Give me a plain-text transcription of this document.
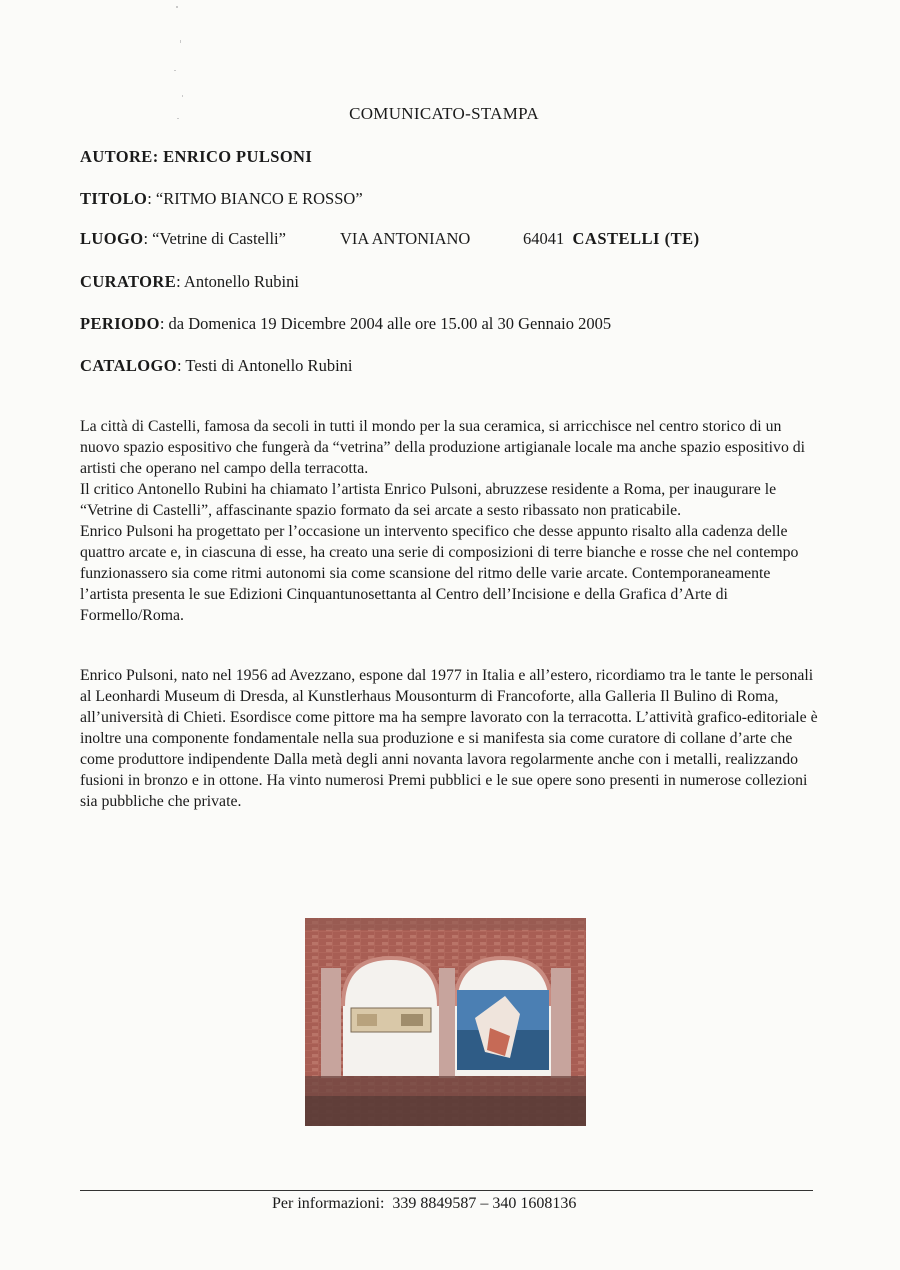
COMUNICATO-STAMPA
AUTORE: ENRICO PULSONI
TITOLO: “RITMO BIANCO E ROSSO”
LUOGO: “Vetrine di Castelli”	VIA ANTONIANO	64041 CASTELLI (TE)
CURATORE: Antonello Rubini
PERIODO: da Domenica 19 Dicembre 2004 alle ore 15.00 al 30 Gennaio 2005
CATALOGO: Testi di Antonello Rubini

La città di Castelli, famosa da secoli in tutti il mondo per la sua ceramica, si arricchisce nel centro storico di un nuovo spazio espositivo che fungerà da “vetrina” della produzione artigianale locale ma anche spazio espositivo di artisti che operano nel campo della terracotta.

Il critico Antonello Rubini ha chiamato l’artista Enrico Pulsoni, abruzzese residente a Roma, per inaugurare le “Vetrine di Castelli”, affascinante spazio formato da sei arcate a sesto ribassato non praticabile.

Enrico Pulsoni ha progettato per l’occasione un intervento specifico che desse appunto risalto alla cadenza delle quattro arcate e, in ciascuna di esse, ha creato una serie di composizioni di terre bianche e rosse che nel contempo funzionassero sia come ritmi autonomi sia come scansione del ritmo delle varie arcate. Contemporaneamente l’artista presenta le sue Edizioni Cinquantunosettanta al Centro dell’Incisione e della Grafica d’Arte di Formello/Roma.

Enrico Pulsoni, nato nel 1956 ad Avezzano, espone dal 1977 in Italia e all’estero, ricordiamo tra le tante le personali al Leonhardi Museum di Dresda, al Kunstlerhaus Mousonturm di Francoforte, alla Galleria Il Bulino di Roma, all’università di Chieti. Esordisce come pittore ma ha sempre lavorato con la terracotta. L’attività grafico-editoriale è inoltre una componente fondamentale nella sua produzione e si manifesta sia come curatore di collane d’arte che come produttore indipendente Dalla metà degli anni novanta lavora regolarmente anche con i metalli, realizzando fusioni in bronzo e in ottone. Ha vinto numerosi Premi pubblici e le sue opere sono presenti in numerose collezioni sia pubbliche che private.

Per informazioni: 339 8849587 – 340 1608136
